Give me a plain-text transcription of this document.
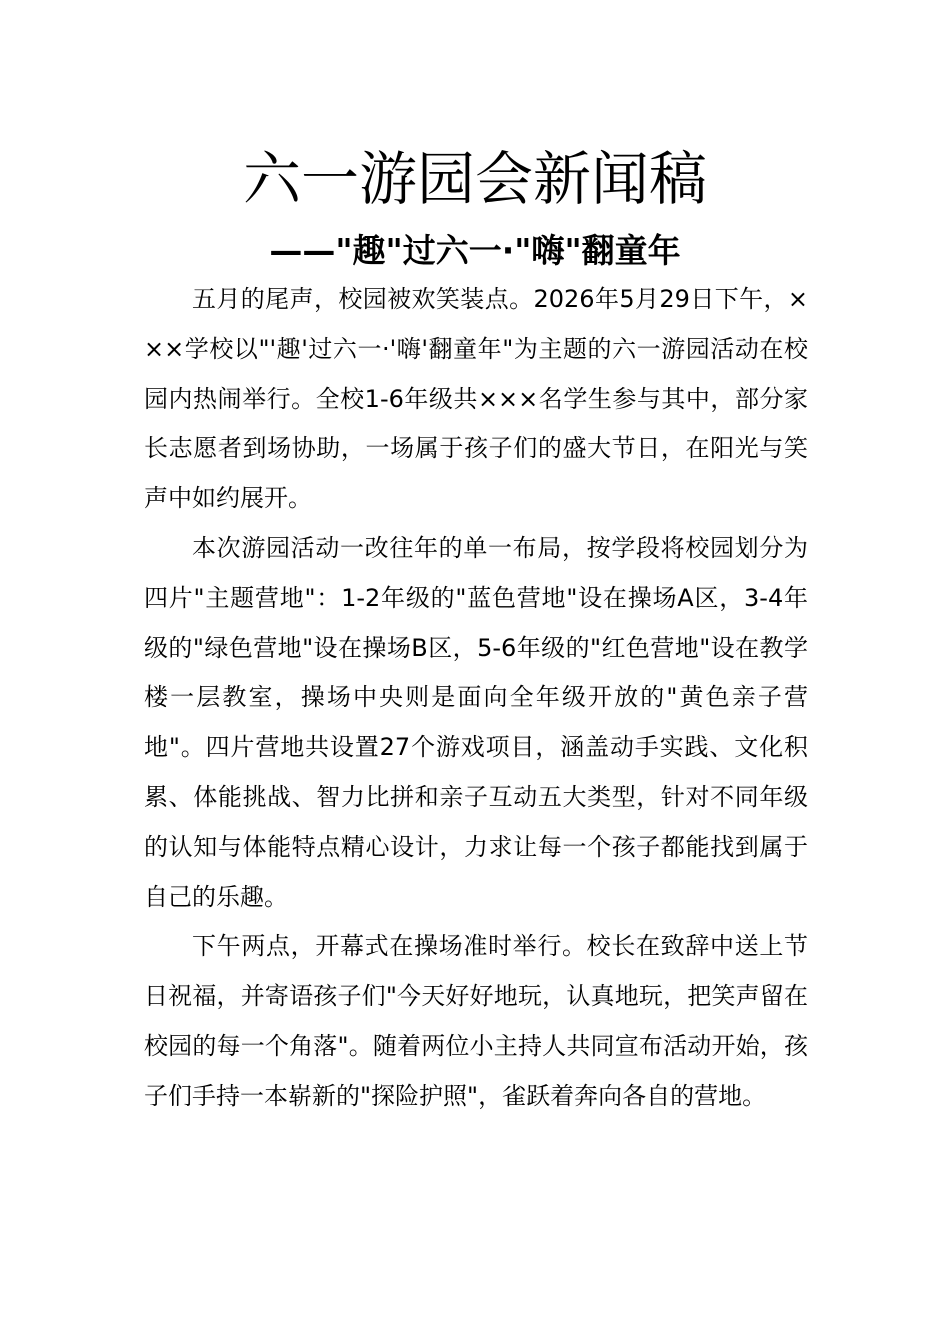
六一游园会新闻稿
——"趣"过六一·"嗨"翻童年

五月的尾声，校园被欢笑装点。2026年5月29日下午，×××学校以"'趣'过六一·'嗨'翻童年"为主题的六一游园活动在校园内热闹举行。全校1-6年级共×××名学生参与其中，部分家长志愿者到场协助，一场属于孩子们的盛大节日，在阳光与笑声中如约展开。

本次游园活动一改往年的单一布局，按学段将校园划分为四片"主题营地"：1-2年级的"蓝色营地"设在操场A区，3-4年级的"绿色营地"设在操场B区，5-6年级的"红色营地"设在教学楼一层教室，操场中央则是面向全年级开放的"黄色亲子营地"。四片营地共设置27个游戏项目，涵盖动手实践、文化积累、体能挑战、智力比拼和亲子互动五大类型，针对不同年级的认知与体能特点精心设计，力求让每一个孩子都能找到属于自己的乐趣。

下午两点，开幕式在操场准时举行。校长在致辞中送上节日祝福，并寄语孩子们"今天好好地玩，认真地玩，把笑声留在校园的每一个角落"。随着两位小主持人共同宣布活动开始，孩子们手持一本崭新的"探险护照"，雀跃着奔向各自的营地。
